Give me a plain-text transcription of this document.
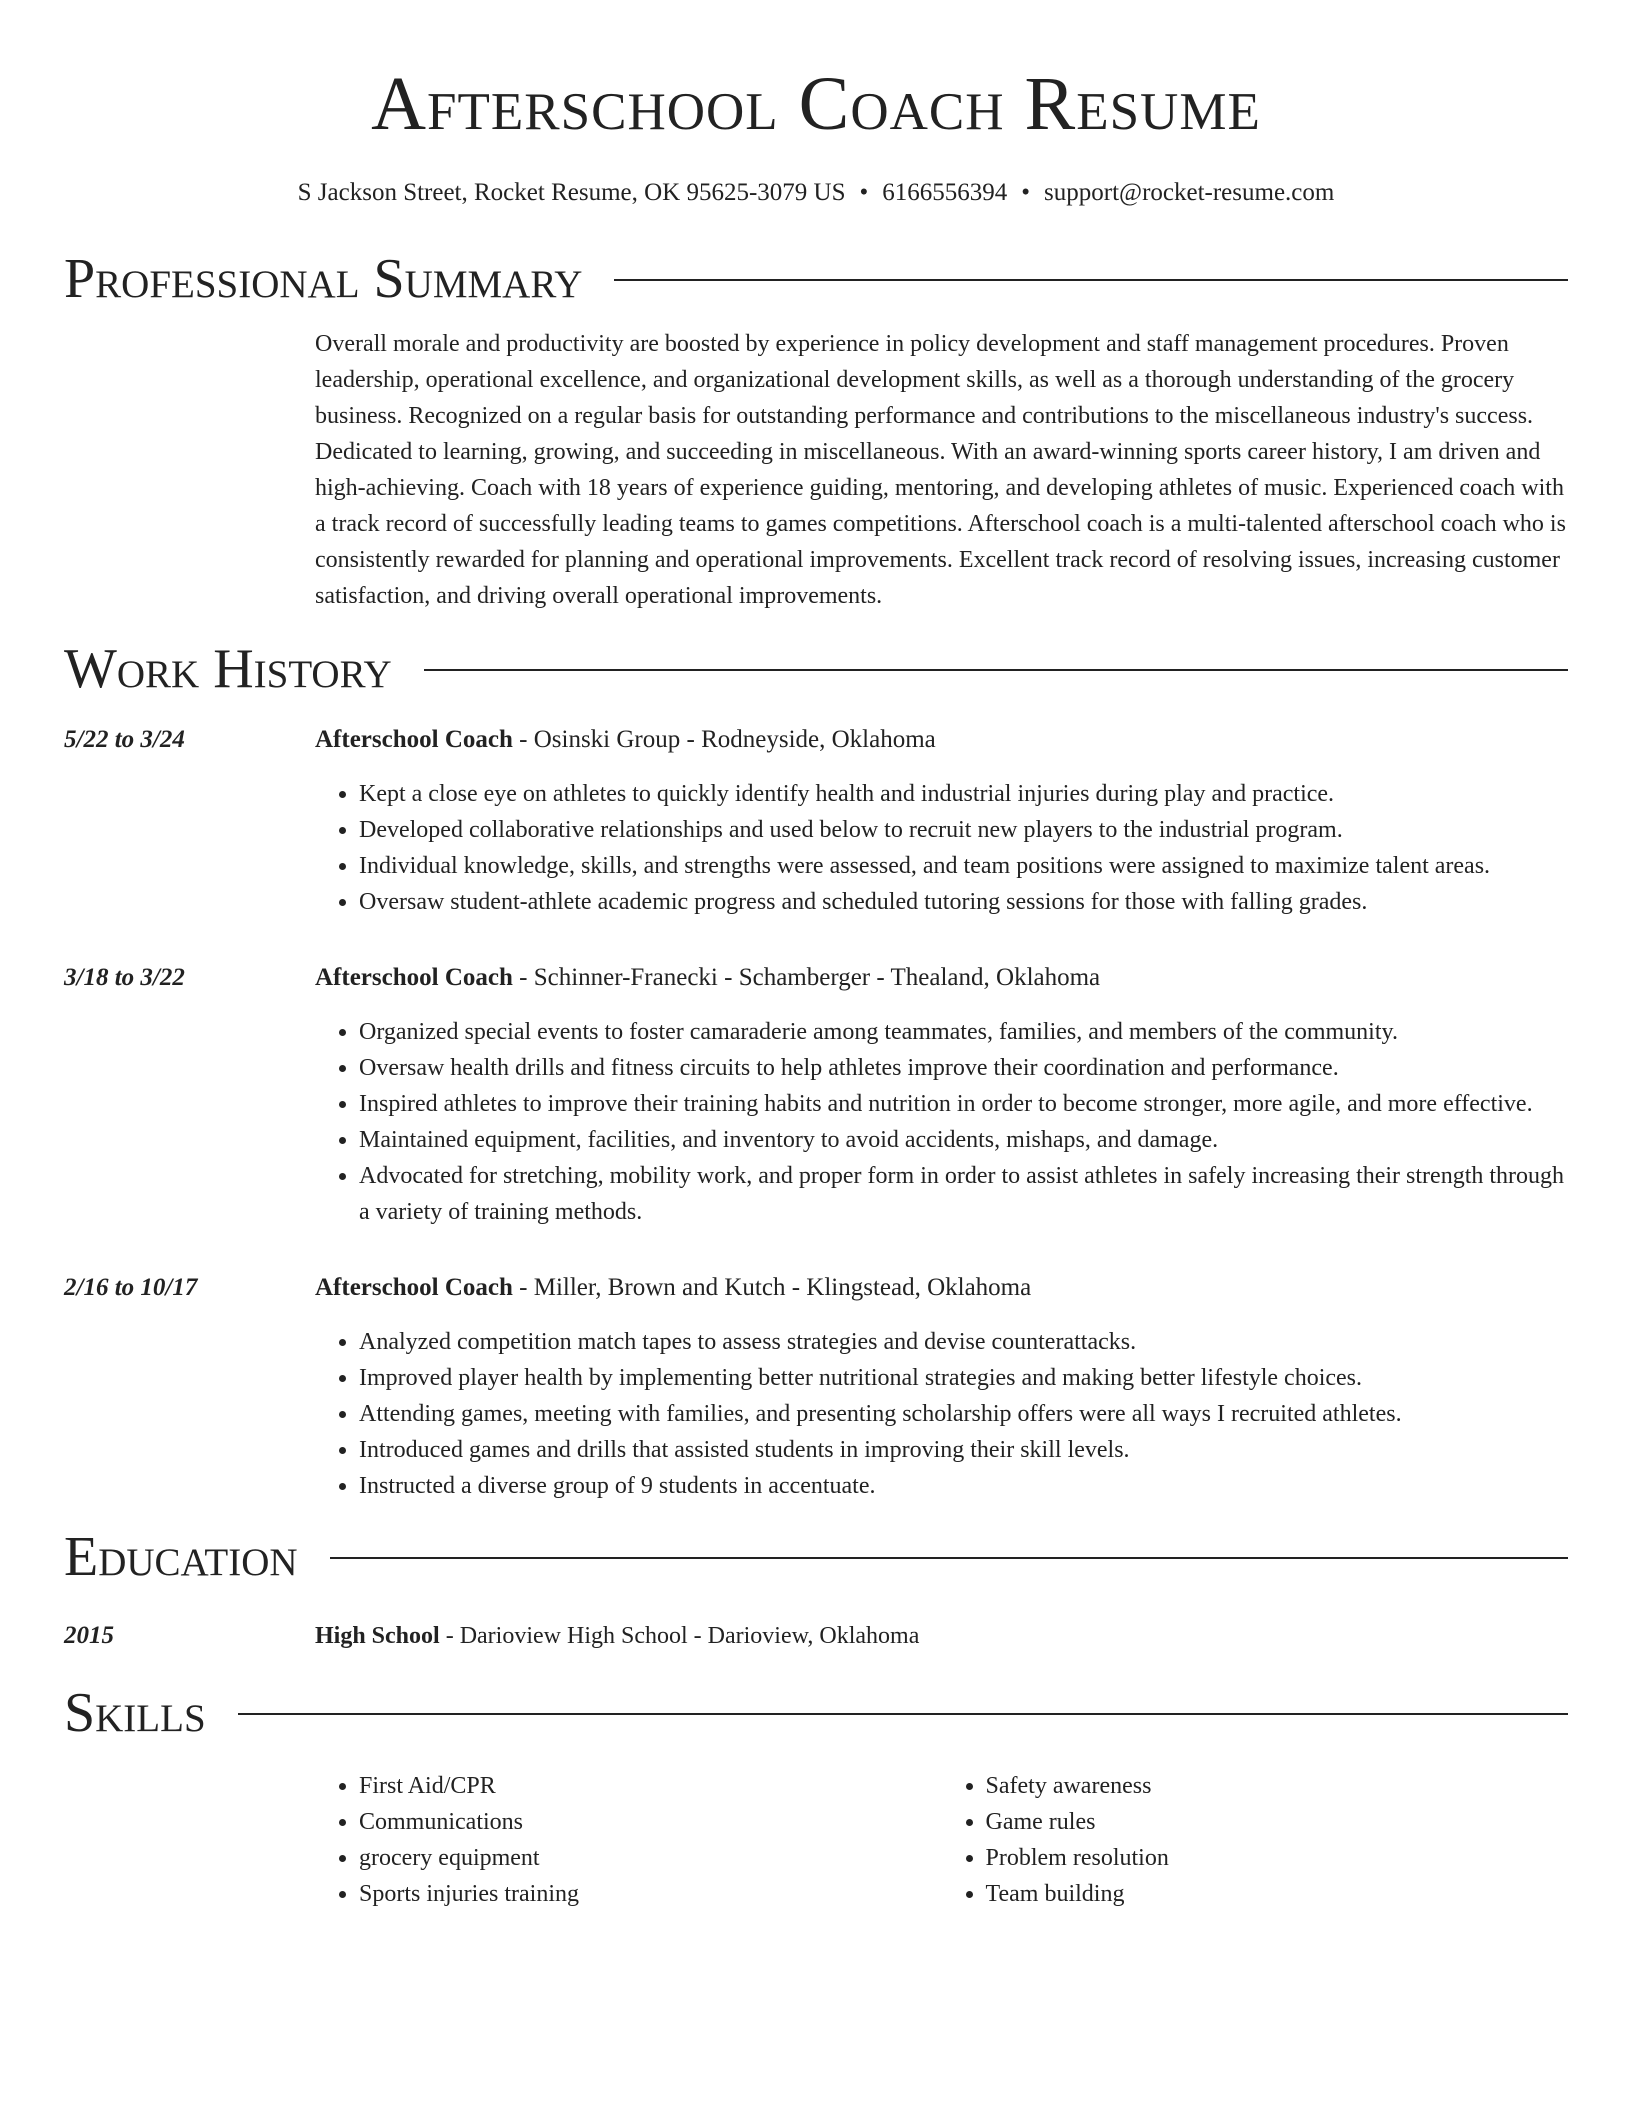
Afterschool Coach Resume
S Jackson Street, Rocket Resume, OK 95625-3079 US • 6166556394 • support@rocket-resume.com
Professional Summary
Overall morale and productivity are boosted by experience in policy development and staff management procedures. Proven leadership, operational excellence, and organizational development skills, as well as a thorough understanding of the grocery business. Recognized on a regular basis for outstanding performance and contributions to the miscellaneous industry's success. Dedicated to learning, growing, and succeeding in miscellaneous. With an award-winning sports career history, I am driven and high-achieving. Coach with 18 years of experience guiding, mentoring, and developing athletes of music. Experienced coach with a track record of successfully leading teams to games competitions. Afterschool coach is a multi-talented afterschool coach who is consistently rewarded for planning and operational improvements. Excellent track record of resolving issues, increasing customer satisfaction, and driving overall operational improvements.
Work History
5/22 to 3/24	Afterschool Coach - Osinski Group - Rodneyside, Oklahoma
• Kept a close eye on athletes to quickly identify health and industrial injuries during play and practice.
• Developed collaborative relationships and used below to recruit new players to the industrial program.
• Individual knowledge, skills, and strengths were assessed, and team positions were assigned to maximize talent areas.
• Oversaw student-athlete academic progress and scheduled tutoring sessions for those with falling grades.
3/18 to 3/22	Afterschool Coach - Schinner-Franecki - Schamberger - Thealand, Oklahoma
• Organized special events to foster camaraderie among teammates, families, and members of the community.
• Oversaw health drills and fitness circuits to help athletes improve their coordination and performance.
• Inspired athletes to improve their training habits and nutrition in order to become stronger, more agile, and more effective.
• Maintained equipment, facilities, and inventory to avoid accidents, mishaps, and damage.
• Advocated for stretching, mobility work, and proper form in order to assist athletes in safely increasing their strength through a variety of training methods.
2/16 to 10/17	Afterschool Coach - Miller, Brown and Kutch - Klingstead, Oklahoma
• Analyzed competition match tapes to assess strategies and devise counterattacks.
• Improved player health by implementing better nutritional strategies and making better lifestyle choices.
• Attending games, meeting with families, and presenting scholarship offers were all ways I recruited athletes.
• Introduced games and drills that assisted students in improving their skill levels.
• Instructed a diverse group of 9 students in accentuate.
Education
2015	High School - Darioview High School - Darioview, Oklahoma
Skills
• First Aid/CPR
• Communications
• grocery equipment
• Sports injuries training
• Safety awareness
• Game rules
• Problem resolution
• Team building
